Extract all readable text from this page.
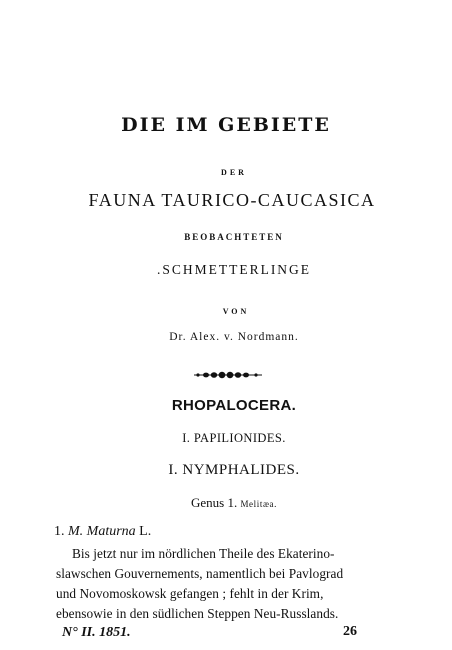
DIE IM GEBIETE
DER
FAUNA TAURICO-CAUCASICA
BEOBACHTETEN
.SCHMETTERLINGE
VON
Dr. Alex. v. Nordmann.
RHOPALOCERA.
I. PAPILIONIDES.
I. NYMPHALIDES.
Genus 1. Melitæa.
1. M. Maturna L.
Bis jetzt nur im nördlichen Theile des Ekaterino-
slawschen Gouvernements, namentlich bei Pavlograd
und Novomoskowsk gefangen ; fehlt in der Krim,
ebensowie in den südlichen Steppen Neu-Russlands.
N° II. 1851.	26
